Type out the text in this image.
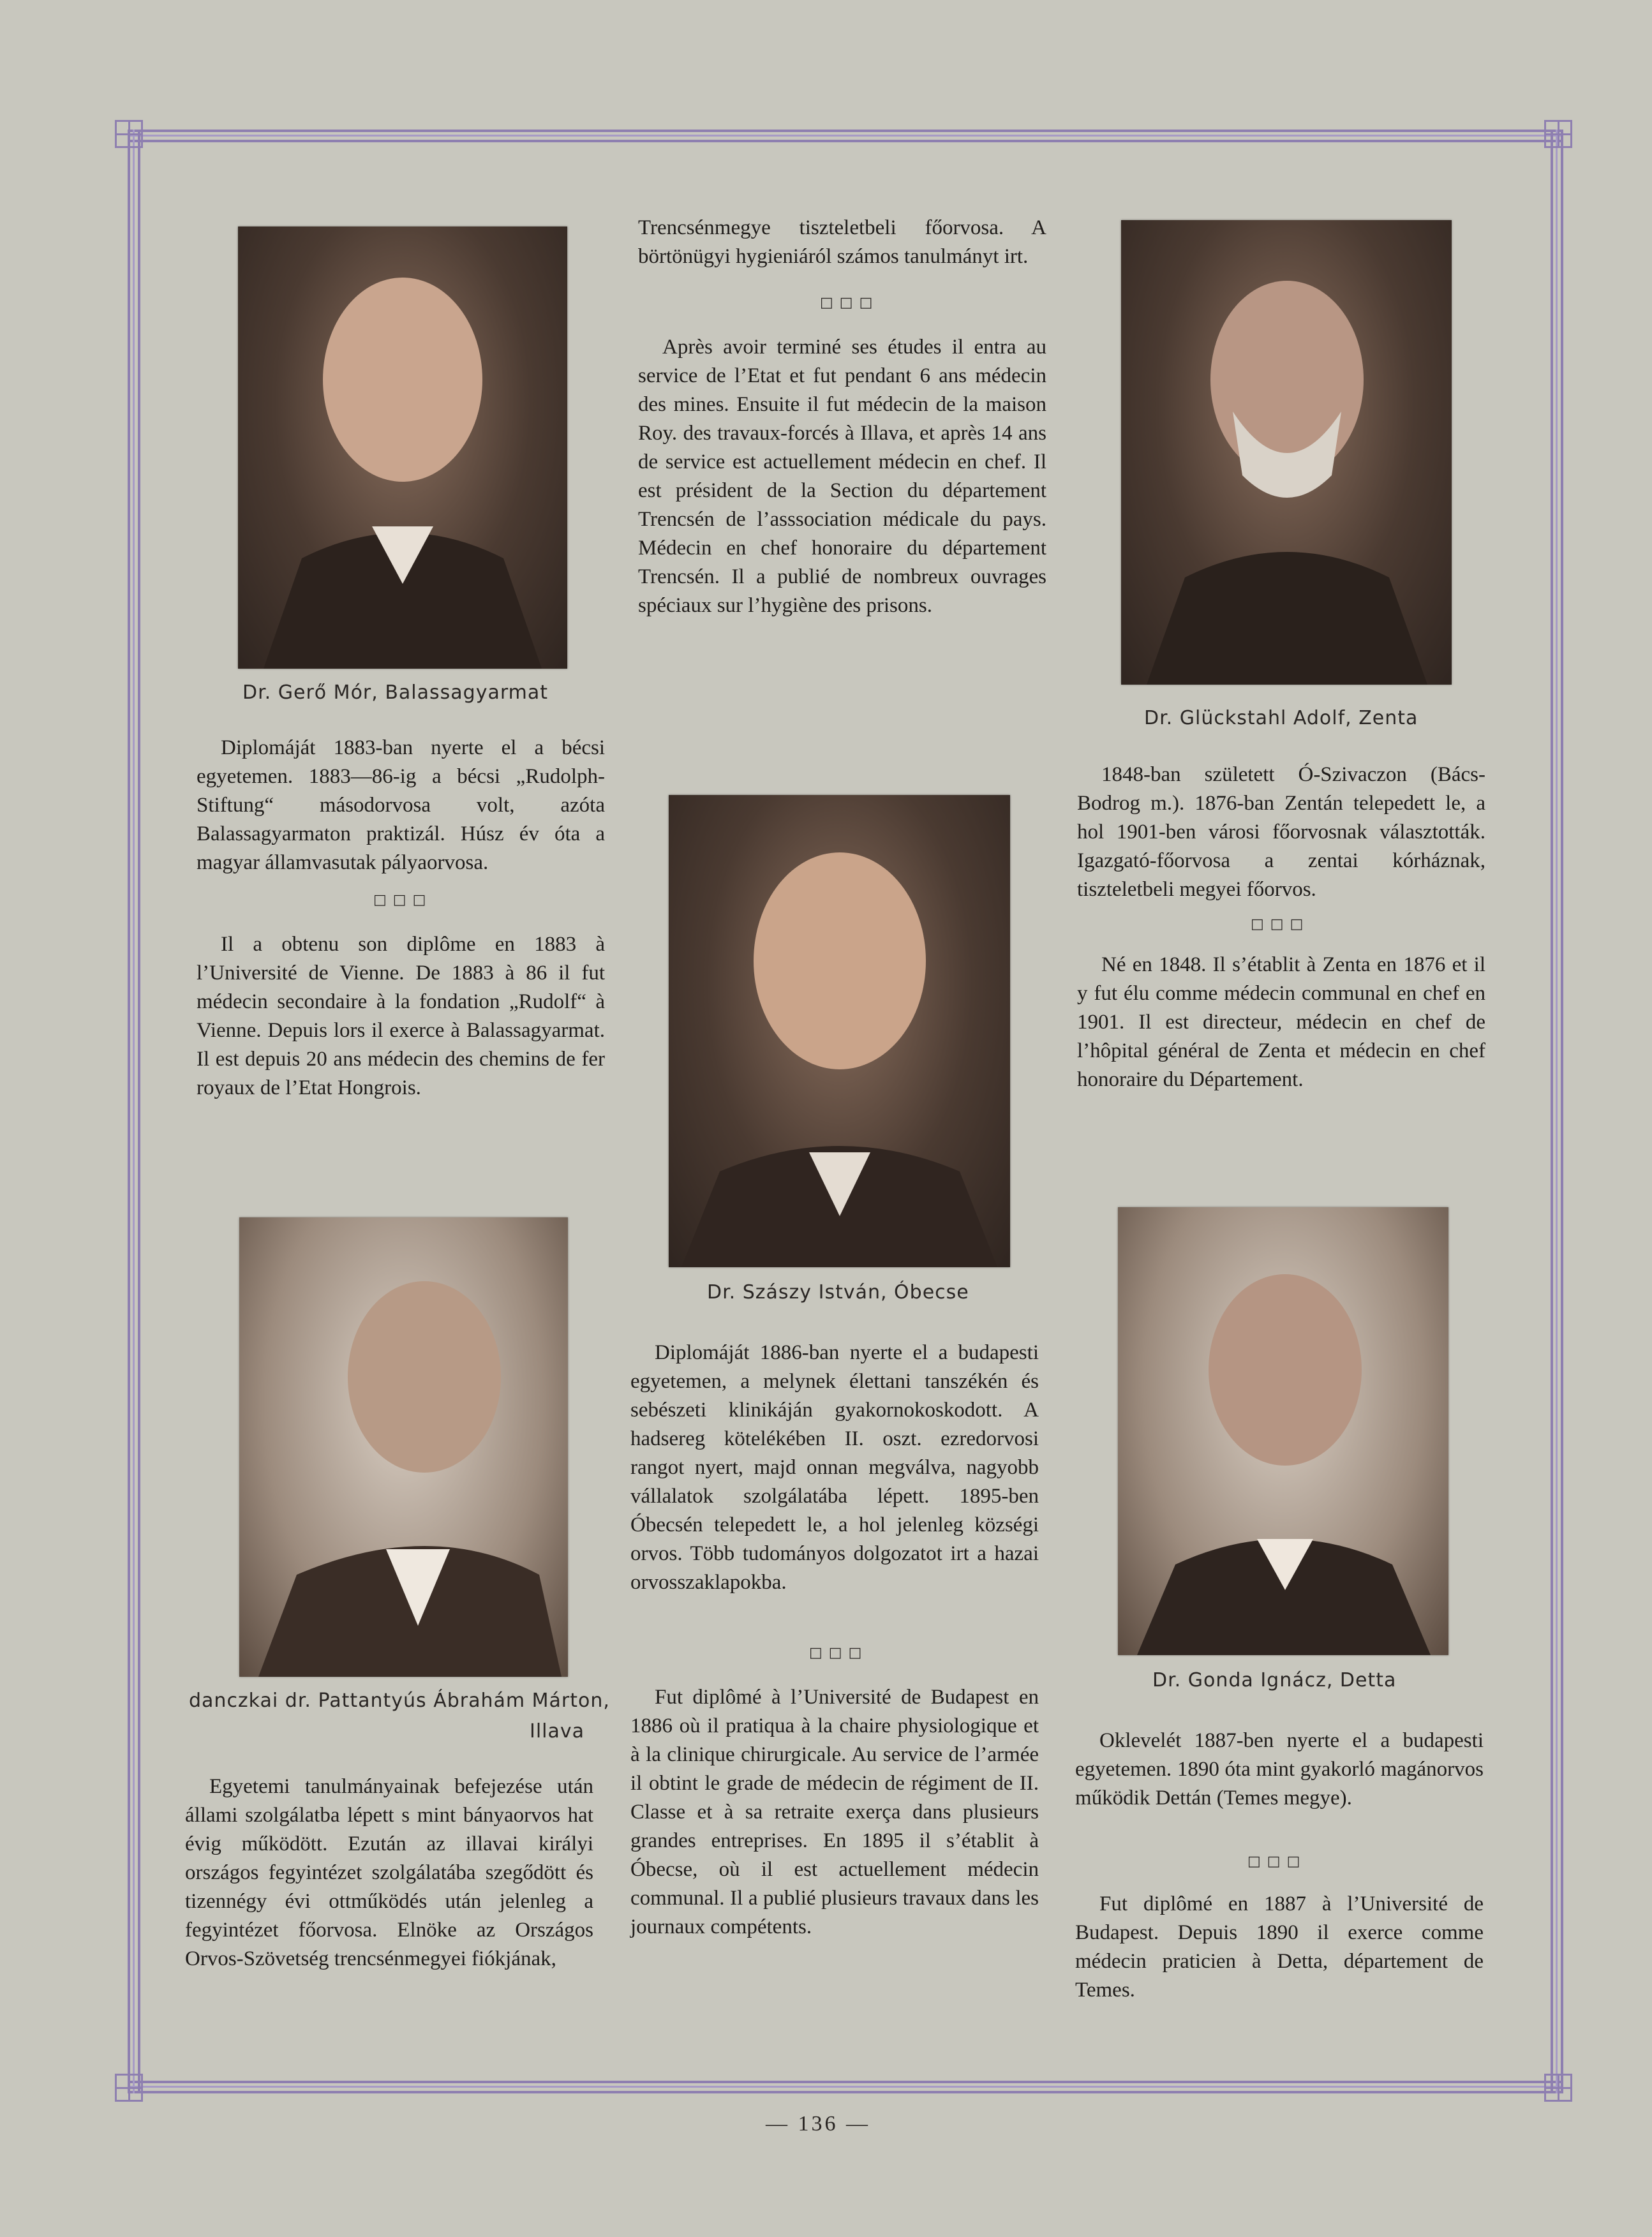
Dr. Gerő Mór, Balassagyarmat

Diplomáját 1883-ban nyerte el a bécsi egyetemen. 1883—86-ig a bécsi „Rudolph-Stiftung“ másodorvosa volt, azóta Balassagyarmaton praktizál. Húsz év óta a magyar államvasutak pályaorvosa.

□□□

Il a obtenu son diplôme en 1883 à l’Université de Vienne. De 1883 à 86 il fut médecin secondaire à la fondation „Rudolf“ à Vienne. Depuis lors il exerce à Balassagyarmat. Il est depuis 20 ans médecin des chemins de fer royaux de l’Etat Hongrois.

danczkai dr. Pattantyús Ábrahám Márton,
Illava

Egyetemi tanulmányainak befejezése után állami szolgálatba lépett s mint bányaorvos hat évig működött. Ezután az illavai királyi országos fegyintézet szolgálatába szegődött és tizennégy évi ottműködés után jelenleg a fegyintézet főorvosa. Elnöke az Országos Orvos-Szövetség trencsénmegyei fiókjának,

Trencsénmegye tiszteletbeli főorvosa. A börtönügyi hygieniáról számos tanulmányt irt.

□□□

Après avoir terminé ses études il entra au service de l’Etat et fut pendant 6 ans médecin des mines. Ensuite il fut médecin de la maison Roy. des travaux-forcés à Illava, et après 14 ans de service est actuellement médecin en chef. Il est président de la Section du département Trencsén de l’asssociation médicale du pays. Médecin en chef honoraire du département Trencsén. Il a publié de nombreux ouvrages spéciaux sur l’hygiène des prisons.

Dr. Szászy István, Óbecse

Diplomáját 1886-ban nyerte el a budapesti egyetemen, a melynek élettani tanszékén és sebészeti klinikáján gyakornokoskodott. A hadsereg kötelékében II. oszt. ezredorvosi rangot nyert, majd onnan megválva, nagyobb vállalatok szolgálatába lépett. 1895-ben Óbecsén telepedett le, a hol jelenleg községi orvos. Több tudományos dolgozatot irt a hazai orvosszaklapokba.

□□□

Fut diplômé à l’Université de Budapest en 1886 où il pratiqua à la chaire physiologique et à la clinique chirurgicale. Au service de l’armée il obtint le grade de médecin de régiment de II. Classe et à sa retraite exerça dans plusieurs grandes entreprises. En 1895 il s’établit à Óbecse, où il est actuellement médecin communal. Il a publié plusieurs travaux dans les journaux compétents.

Dr. Glückstahl Adolf, Zenta

1848-ban született Ó-Szivaczon (Bács-Bodrog m.). 1876-ban Zentán telepedett le, a hol 1901-ben városi főorvosnak választották. Igazgató-főorvosa a zentai kórháznak, tiszteletbeli megyei főorvos.

□□□

Né en 1848. Il s’établit à Zenta en 1876 et il y fut élu comme médecin communal en chef en 1901. Il est directeur, médecin en chef de l’hôpital général de Zenta et médecin en chef honoraire du Département.

Dr. Gonda Ignácz, Detta

Oklevelét 1887-ben nyerte el a budapesti egyetemen. 1890 óta mint gyakorló magánorvos működik Dettán (Temes megye).

□□□

Fut diplômé en 1887 à l’Université de Budapest. Depuis 1890 il exerce comme médecin praticien à Detta, département de Temes.

— 136 —
